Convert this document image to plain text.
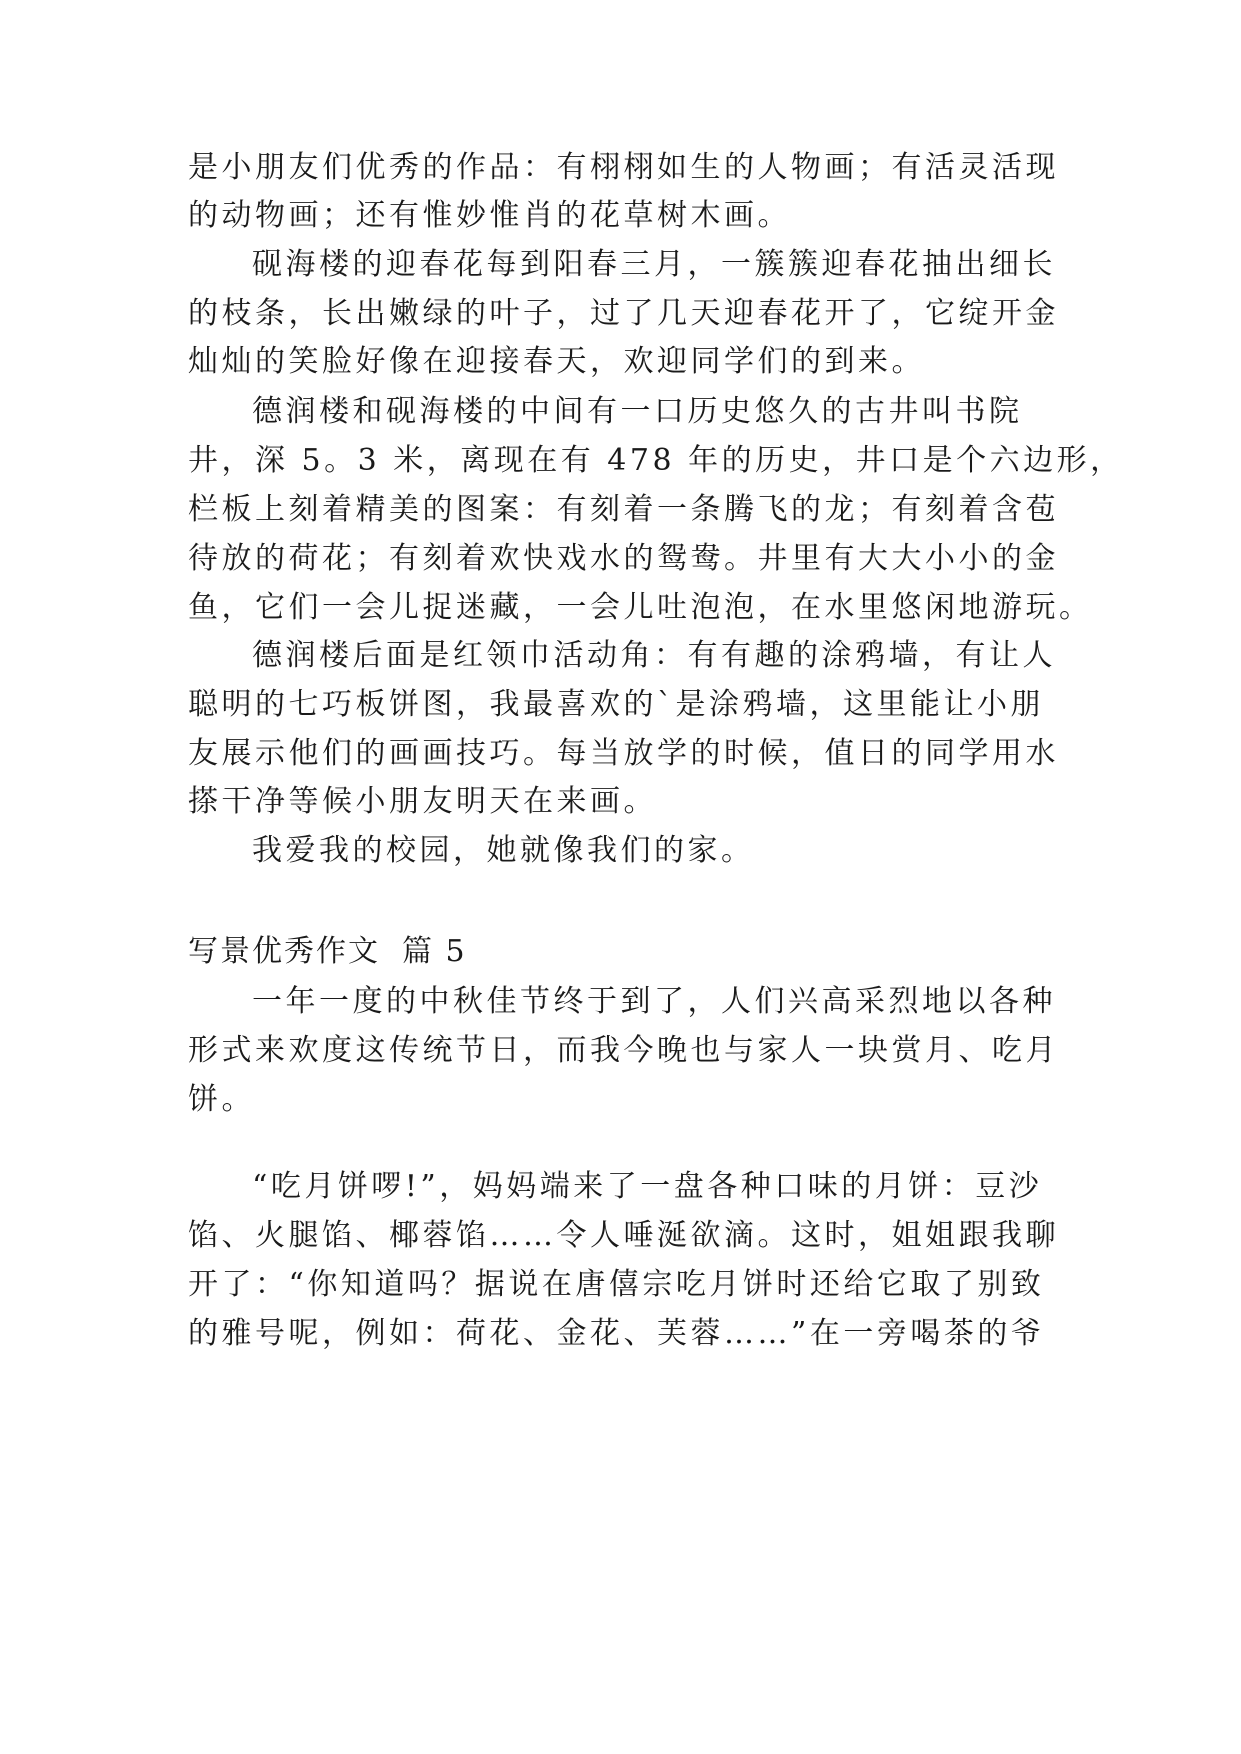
是小朋友们优秀的作品：有栩栩如生的人物画；有活灵活现
的动物画；还有惟妙惟肖的花草树木画。
砚海楼的迎春花每到阳春三月，一簇簇迎春花抽出细长
的枝条，长出嫩绿的叶子，过了几天迎春花开了，它绽开金
灿灿的笑脸好像在迎接春天，欢迎同学们的到来。
德润楼和砚海楼的中间有一口历史悠久的古井叫书院
井，深 5。3 米，离现在有 478 年的历史，井口是个六边形，
栏板上刻着精美的图案：有刻着一条腾飞的龙；有刻着含苞
待放的荷花；有刻着欢快戏水的鸳鸯。井里有大大小小的金
鱼，它们一会儿捉迷藏，一会儿吐泡泡，在水里悠闲地游玩。
德润楼后面是红领巾活动角：有有趣的涂鸦墙，有让人
聪明的七巧板饼图，我最喜欢的`是涂鸦墙，这里能让小朋
友展示他们的画画技巧。每当放学的时候，值日的同学用水
搽干净等候小朋友明天在来画。
我爱我的校园，她就像我们的家。
写景优秀作文 篇 5
一年一度的中秋佳节终于到了，人们兴高采烈地以各种
形式来欢度这传统节日，而我今晚也与家人一块赏月、吃月
饼。
“吃月饼啰!”，妈妈端来了一盘各种口味的月饼：豆沙
馅、火腿馅、椰蓉馅……令人唾涎欲滴。这时，姐姐跟我聊
开了：“你知道吗？据说在唐僖宗吃月饼时还给它取了别致
的雅号呢，例如：荷花、金花、芙蓉……”在一旁喝茶的爷
